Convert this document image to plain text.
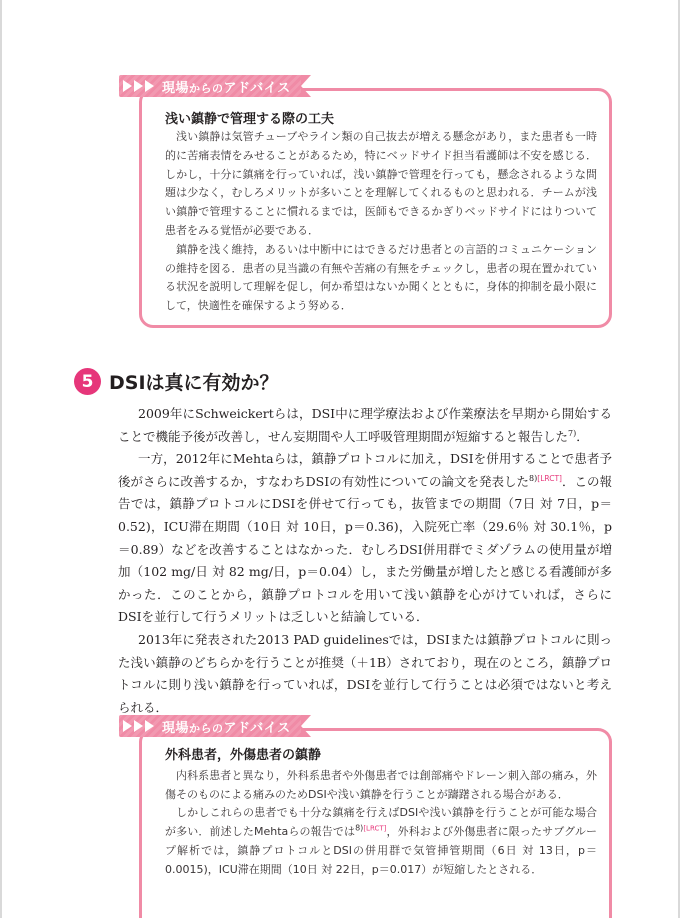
現場からのアドバイス
浅い鎮静で管理する際の工夫

浅い鎮静は気管チューブやライン類の自己抜去が増える懸念があり，また患者も一時的に苦痛表情をみせることがあるため，特にベッドサイド担当看護師は不安を感じる．しかし，十分に鎮痛を行っていれば，浅い鎮静で管理を行っても，懸念されるような問題は少なく，むしろメリットが多いことを理解してくれるものと思われる．チームが浅い鎮静で管理することに慣れるまでは，医師もできるかぎりベッドサイドにはりついて患者をみる覚悟が必要である．

鎮静を浅く維持，あるいは中断中にはできるだけ患者との言語的コミュニケーションの維持を図る．患者の見当識の有無や苦痛の有無をチェックし，患者の現在置かれている状況を説明して理解を促し，何か希望はないか聞くとともに，身体的抑制を最小限にして，快適性を確保するよう努める．

5 DSIは真に有効か？

2009年にSchweickertらは，DSI中に理学療法および作業療法を早期から開始することで機能予後が改善し，せん妄期間や人工呼吸管理期間が短縮すると報告した$^{7)}$．

一方，2012年にMehtaらは，鎮静プロトコルに加え，DSIを併用することで患者予後がさらに改善するか，すなわちDSIの有効性についての論文を発表した$^{8)[LRCT]}$．この報告では，鎮静プロトコルにDSIを併せて行っても，抜管までの期間（7日 対 7日，p＝0.52)，ICU滞在期間（10日 対 10日，p＝0.36)，入院死亡率（29.6％ 対 30.1％，p＝0.89）などを改善することはなかった．むしろDSI併用群でミダゾラムの使用量が増加（102 mg/日 対 82 mg/日，p＝0.04）し，また労働量が増したと感じる看護師が多かった．このことから，鎮静プロトコルを用いて浅い鎮静を心がけていれば，さらにDSIを並行して行うメリットは乏しいと結論している．

2013年に発表された2013 PAD guidelinesでは，DSIまたは鎮静プロトコルに則った浅い鎮静のどちらかを行うことが推奨（＋1B）されており，現在のところ，鎮静プロトコルに則り浅い鎮静を行っていれば，DSIを並行して行うことは必須ではないと考えられる．

現場からのアドバイス
外科患者，外傷患者の鎮静

内科系患者と異なり，外科系患者や外傷患者では創部痛やドレーン刺入部の痛み，外傷そのものによる痛みのためDSIや浅い鎮静を行うことが躊躇される場合がある．

しかしこれらの患者でも十分な鎮痛を行えばDSIや浅い鎮静を行うことが可能な場合が多い．前述したMehtaらの報告では$^{8)[LRCT]}$，外科および外傷患者に限ったサブグループ解析では，鎮静プロトコルとDSIの併用群で気管挿管期間（6日 対 13日，p＝0.0015)，ICU滞在期間（10日 対 22日，p＝0.017）が短縮したとされる．
